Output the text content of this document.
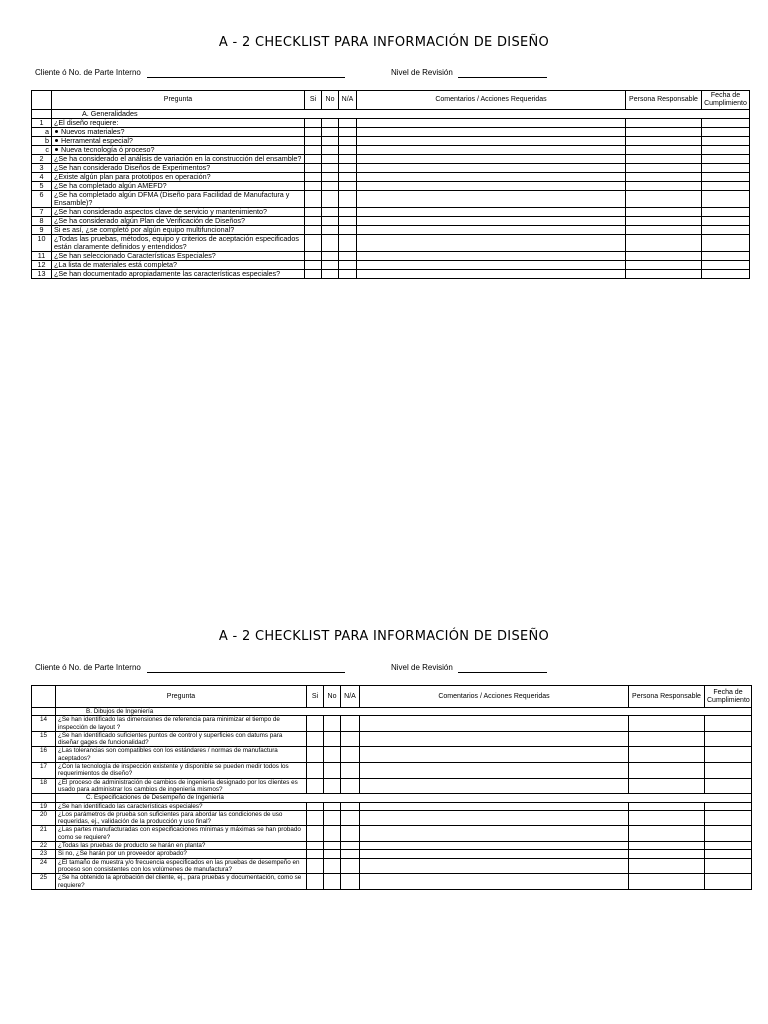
A - 2 CHECKLIST PARA INFORMACIÓN DE DISEÑO
Cliente ó No. de Parte Interno	Nivel de Revisión
	Pregunta	Si	No	N/A	Comentarios / Acciones Requeridas	Persona Responsable	Fecha de Cumplimiento
	A. Generalidades						
1	¿El diseño requiere:						
a	Nuevos materiales?						
b	Herramental especial?						
c	Nueva tecnología ó proceso?						
2	¿Se ha considerado el análisis de variación en la construcción del ensamble?						
3	¿Se han considerado Diseños de Experimentos?						
4	¿Existe algún plan para prototipos en operación?						
5	¿Se ha completado algún AMEFD?						
6	¿Se ha completado algún DFMA (Diseño para Facilidad de Manufactura y Ensamble)?						
7	¿Se han considerado aspectos clave de servicio y mantenimiento?						
8	¿Se ha considerado algún Plan de Verificación de Diseños?						
9	Si es así, ¿se completó por algún equipo multifuncional?						
10	¿Todas las pruebas, métodos, equipo y criterios de aceptación especificados están claramente definidos y entendidos?						
11	¿Se han seleccionado Características Especiales?						
12	¿La lista de materiales está completa?						
13	¿Se han documentado apropiadamente las características especiales?						
A - 2 CHECKLIST PARA INFORMACIÓN DE DISEÑO
Cliente ó No. de Parte Interno	Nivel de Revisión
	Pregunta	Si	No	N/A	Comentarios / Acciones Requeridas	Persona Responsable	Fecha de Cumplimiento
	B. Dibujos de Ingeniería						
14	¿Se han identificado las dimensiones de referencia para minimizar el tiempo de inspección de layout ?						
15	¿Se han identificado suficientes puntos de control y superficies con datums para diseñar gages de funcionalidad?						
16	¿Las tolerancias son compatibles con los estándares / normas de manufactura aceptados?						
17	¿Con la tecnología de inspección existente y disponible se pueden medir todos los requerimientos de diseño?						
18	¿El proceso de administración de cambios de ingeniería designado por los clientes es usado para administrar los cambios de ingeniería mismos?						
	C. Especificaciones de Desempeño de Ingeniería						
19	¿Se han identificado las características especiales?						
20	¿Los parámetros de prueba son suficientes para abordar las condiciones de uso requeridas, ej., validación de la producción y uso final?						
21	¿Las partes manufacturadas con especificaciones mínimas y máximas se han probado como se requiere?						
22	¿Todas las pruebas de producto se harán en planta?						
23	Si no, ¿Se harán por un proveedor aprobado?						
24	¿El tamaño de muestra y/o frecuencia especificados en las pruebas de desempeño en proceso son consistentes con los volúmenes de manufactura?						
25	¿Se ha obtenido la aprobación del cliente, ej., para pruebas y documentación, como se requiere?						
